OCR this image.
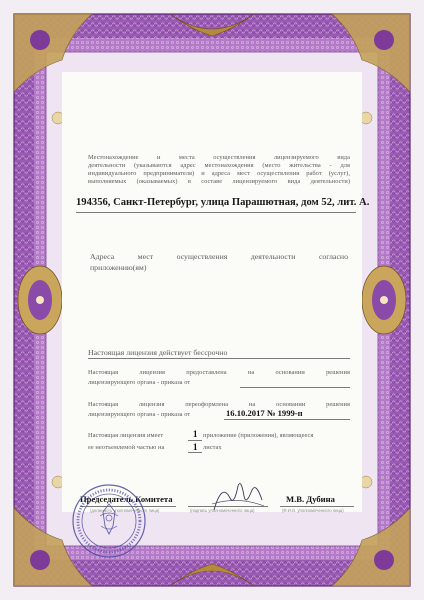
Местонахождение и места осуществления лицензируемого вида
деятельности (указываются адрес местонахождения (место жительства - для
индивидуального предпринимателя) и адреса мест осуществления работ (услуг),
выполняемых (оказываемых) в составе лицензируемого вида деятельности)
194356, Санкт-Петербург, улица Парашютная, дом 52, лит. А.
Адреса мест осуществления деятельности согласно
приложению(ям)
Настоящая лицензия действует бессрочно
Настоящая лицензия предоставлена на основании решения
лицензирующего органа - приказа от
Настоящая лицензия переоформлена на основании решения
лицензирующего органа - приказа от	16.10.2017 № 1999-п
Настоящая лицензия имеет	1 приложение (приложения), являющееся
ее неотъемлемой частью на	1 листах
Председатель Комитета	М.В. Дубина
(должность уполномоченного лица)	(подпись уполномоченного лица)	(Ф.И.О. уполномоченного лица)
